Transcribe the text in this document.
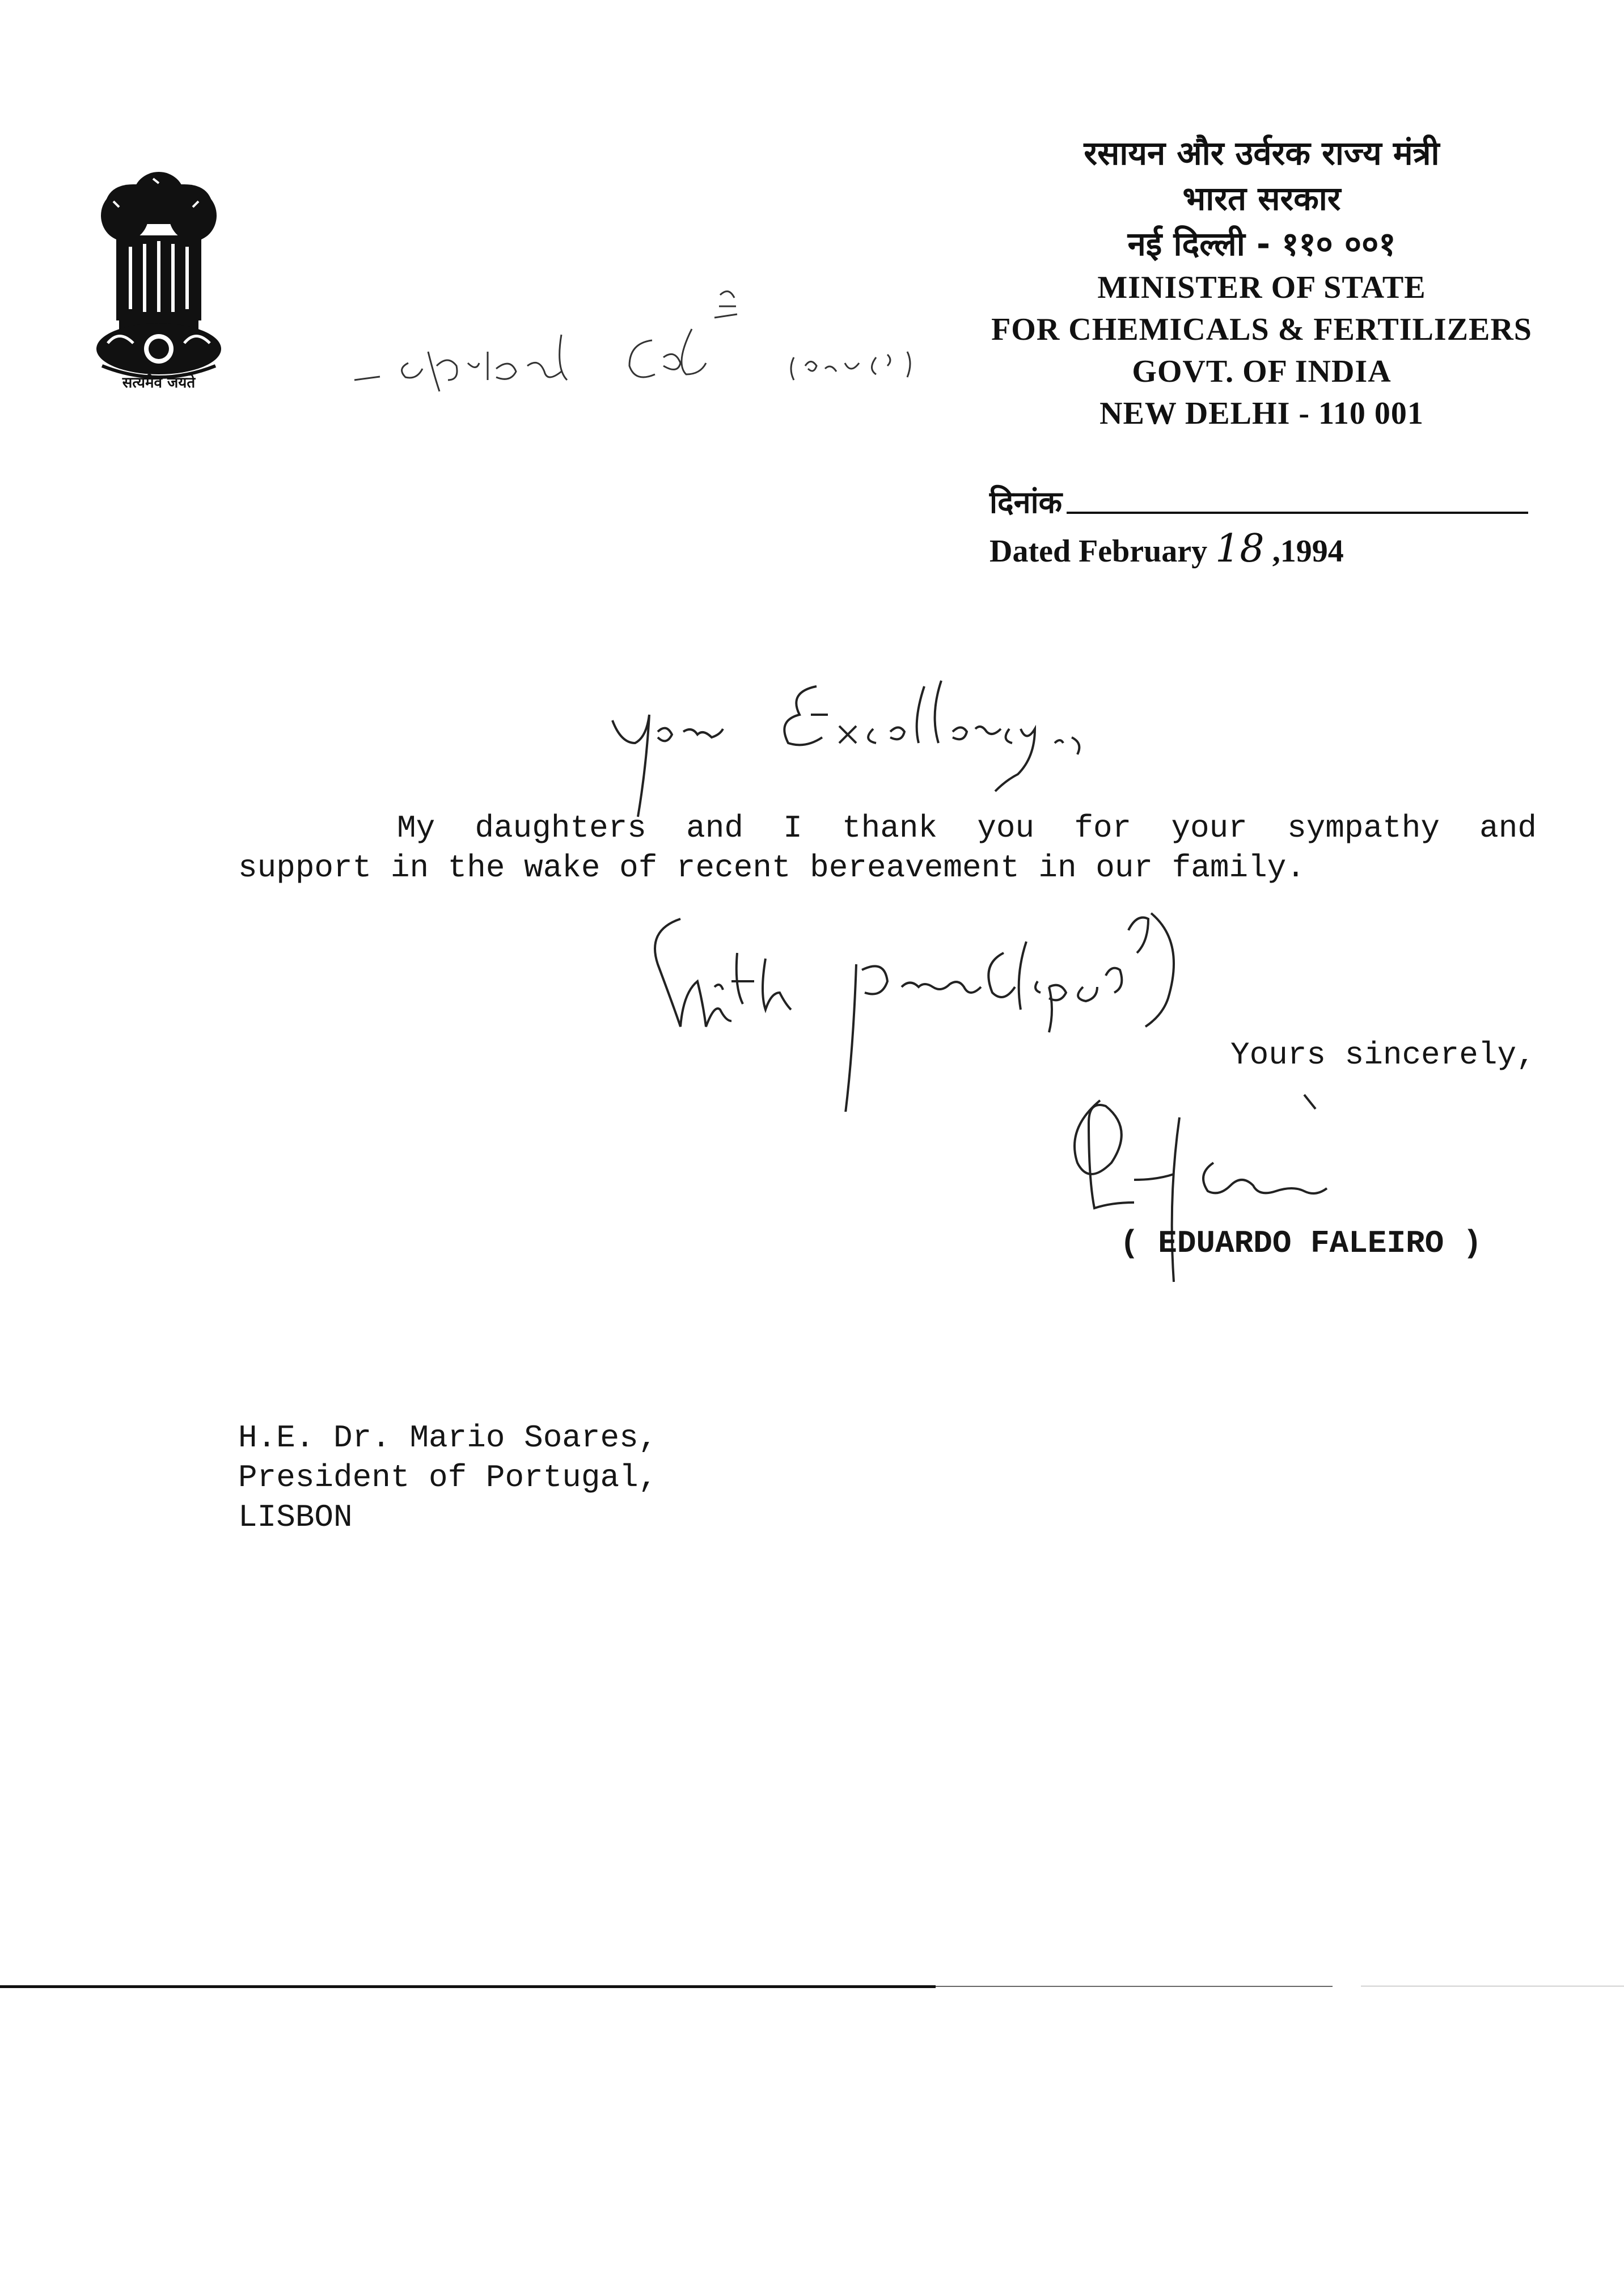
सत्यमेव जयते
रसायन और उर्वरक राज्य मंत्री
भारत सरकार
नई दिल्ली - ११० ००१
MINISTER OF STATE
FOR CHEMICALS & FERTILIZERS
GOVT. OF INDIA
NEW DELHI - 110 001
दिनांक
Dated February 18 ,1994
My daughters and I thank you for your sympathy and
support in the wake of recent bereavement in our family.
Yours sincerely,
( EDUARDO FALEIRO )
H.E. Dr. Mario Soares,
President of Portugal,
LISBON
